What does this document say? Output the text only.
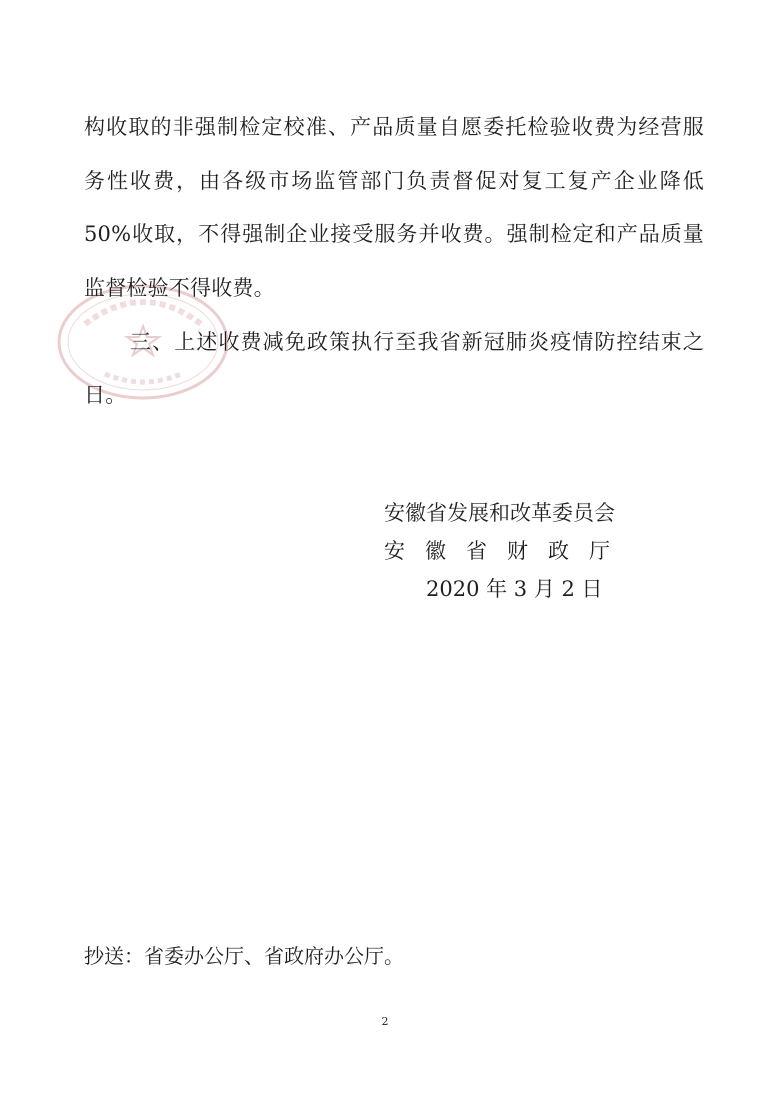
构收取的非强制检定校准、产品质量自愿委托检验收费为经营服
务性收费，由各级市场监管部门负责督促对复工复产企业降低
50%收取，不得强制企业接受服务并收费。强制检定和产品质量
监督检验不得收费。
三、上述收费减免政策执行至我省新冠肺炎疫情防控结束之
日。
安徽省发展和改革委员会
安徽省财政厅
2020 年 3 月 2 日
抄送：省委办公厅、省政府办公厅。
2
